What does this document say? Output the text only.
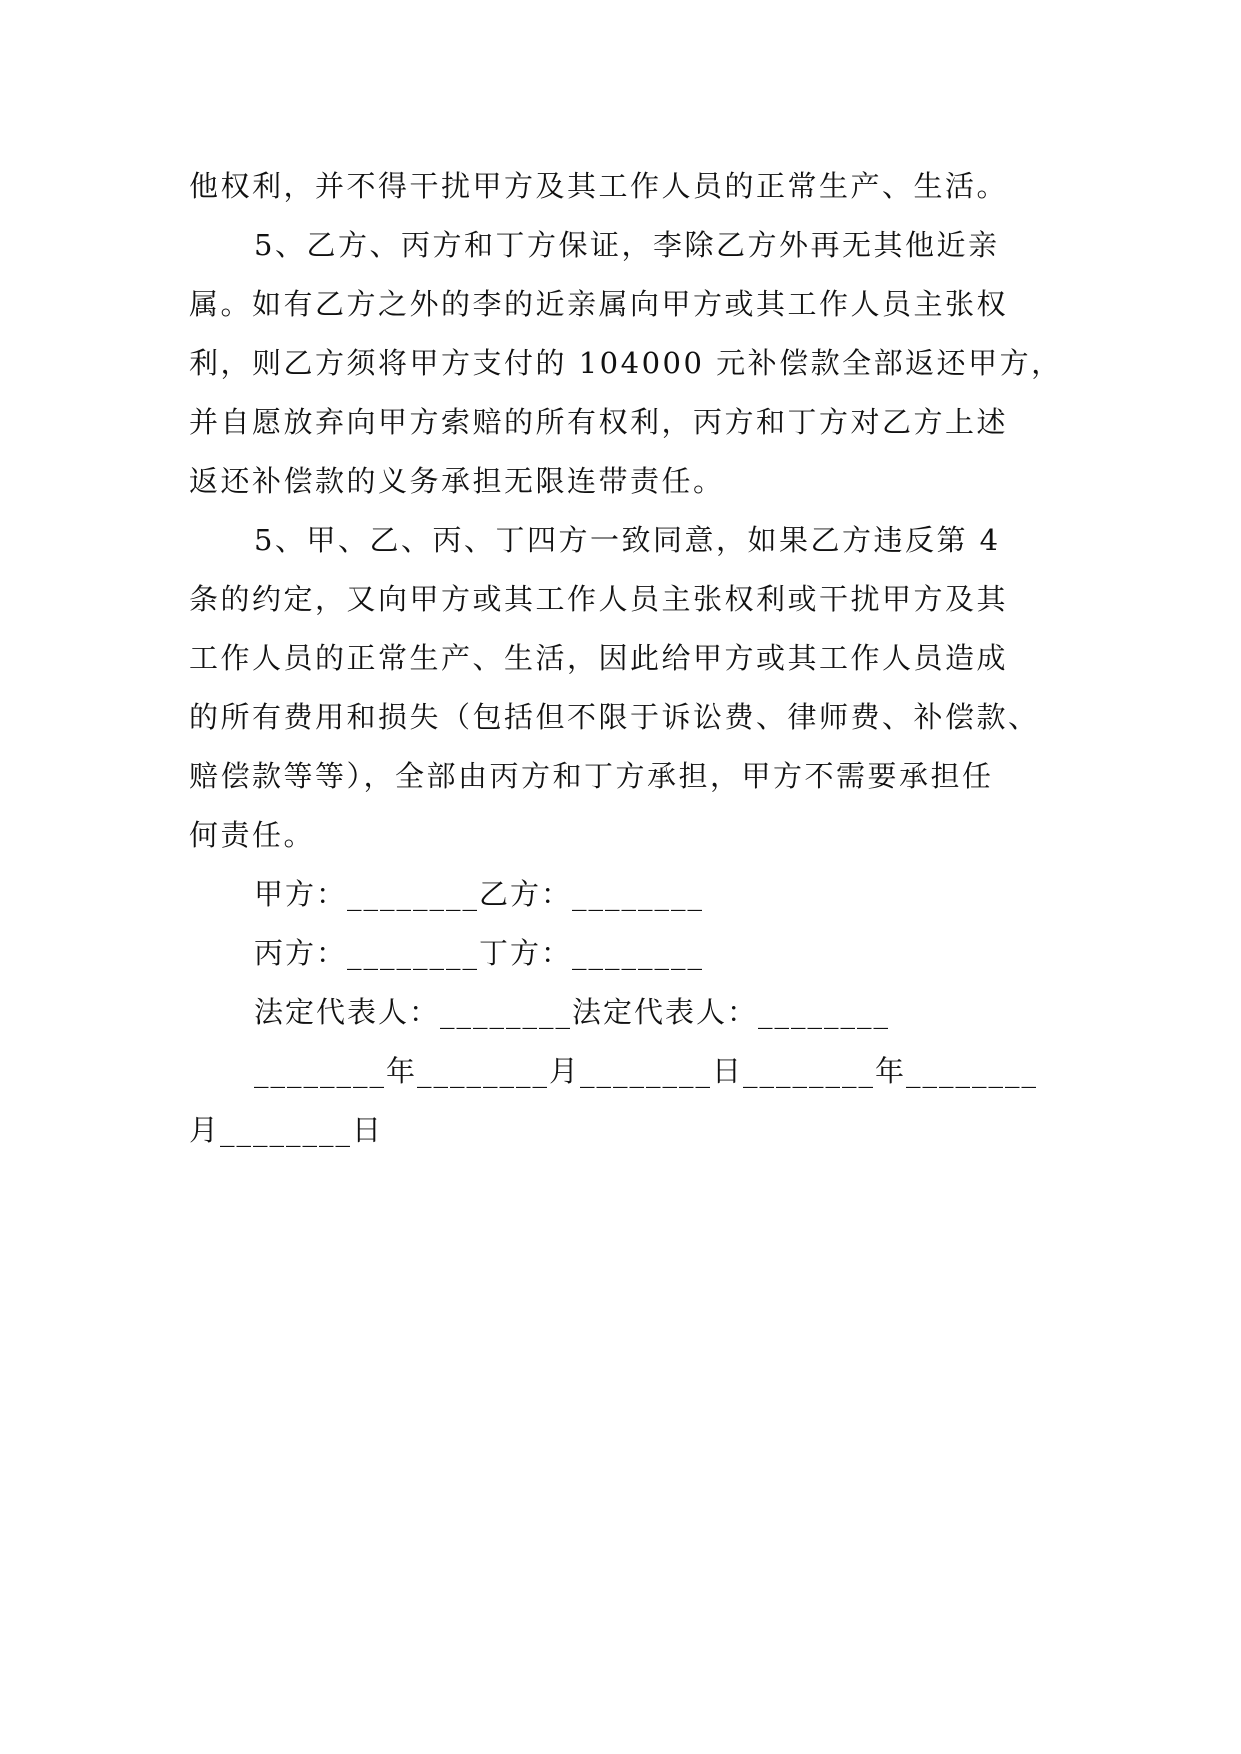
他权利，并不得干扰甲方及其工作人员的正常生产、生活。
5、乙方、丙方和丁方保证，李除乙方外再无其他近亲
属。如有乙方之外的李的近亲属向甲方或其工作人员主张权
利，则乙方须将甲方支付的 104000 元补偿款全部返还甲方，
并自愿放弃向甲方索赔的所有权利，丙方和丁方对乙方上述
返还补偿款的义务承担无限连带责任。
5、甲、乙、丙、丁四方一致同意，如果乙方违反第 4
条的约定，又向甲方或其工作人员主张权利或干扰甲方及其
工作人员的正常生产、生活，因此给甲方或其工作人员造成
的所有费用和损失（包括但不限于诉讼费、律师费、补偿款、
赔偿款等等），全部由丙方和丁方承担，甲方不需要承担任
何责任。
甲方：________乙方：________
丙方：________丁方：________
法定代表人：________法定代表人：________
________年________月________日________年________
月________日
